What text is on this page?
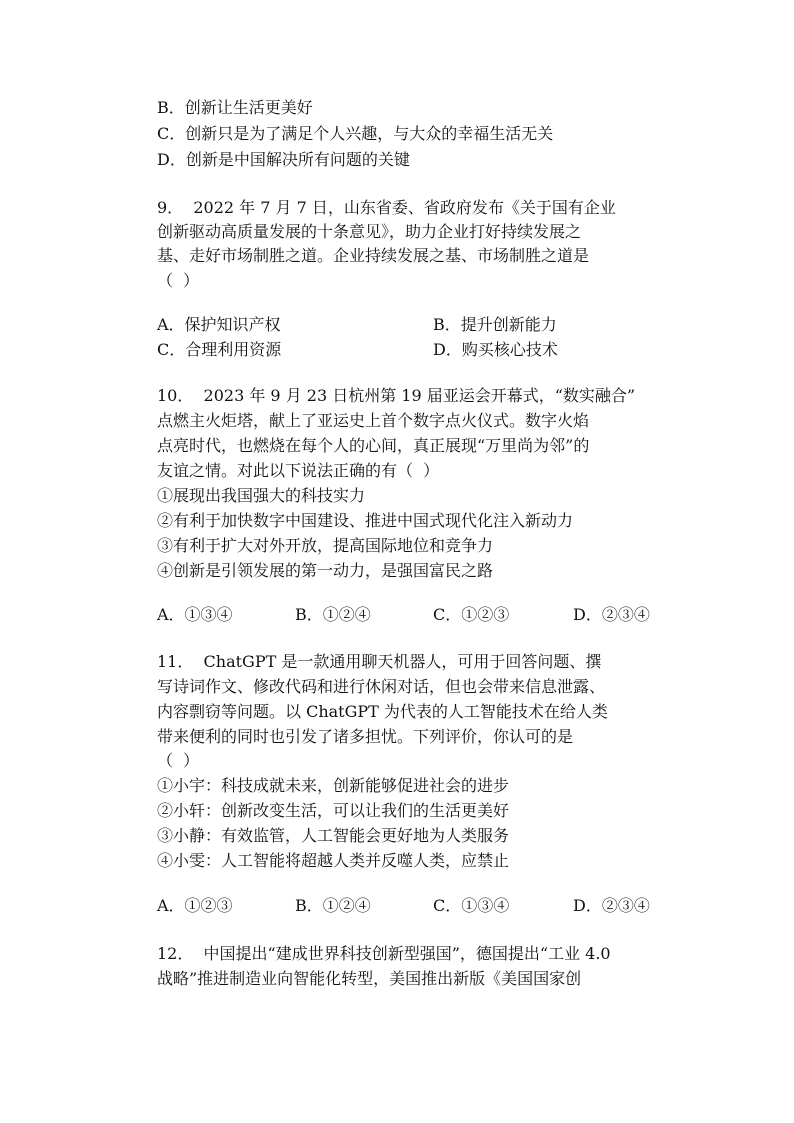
B．创新让生活更美好

C．创新只是为了满足个人兴趣，与大众的幸福生活无关

D．创新是中国解决所有问题的关键

9．  2022 年 7 月 7 日，山东省委、省政府发布《关于国有企业

创新驱动高质量发展的十条意见》，助力企业打好持续发展之

基、走好市场制胜之道。企业持续发展之基、市场制胜之道是

（  ）

A．保护知识产权	B．提升创新能力
C．合理利用资源	D．购买核心技术

10．  2023 年 9 月 23 日杭州第 19 届亚运会开幕式，“数实融合”

点燃主火炬塔，献上了亚运史上首个数字点火仪式。数字火焰

点亮时代，也燃烧在每个人的心间，真正展现“万里尚为邻”的

友谊之情。对此以下说法正确的有（  ）

①展现出我国强大的科技实力

②有利于加快数字中国建设、推进中国式现代化注入新动力

③有利于扩大对外开放，提高国际地位和竞争力

④创新是引领发展的第一动力，是强国富民之路

A．①③④	B．①②④	C．①②③	D．②③④

11．  ChatGPT 是一款通用聊天机器人，可用于回答问题、撰

写诗词作文、修改代码和进行休闲对话，但也会带来信息泄露、

内容剽窃等问题。以 ChatGPT 为代表的人工智能技术在给人类

带来便利的同时也引发了诸多担忧。下列评价，你认可的是

（  ）

①小宇：科技成就未来，创新能够促进社会的进步

②小轩：创新改变生活，可以让我们的生活更美好

③小静：有效监管，人工智能会更好地为人类服务

④小雯：人工智能将超越人类并反噬人类，应禁止

A．①②③	B．①②④	C．①③④	D．②③④

12．  中国提出“建成世界科技创新型强国”，德国提出“工业 4.0

战略”推进制造业向智能化转型，美国推出新版《美国国家创
